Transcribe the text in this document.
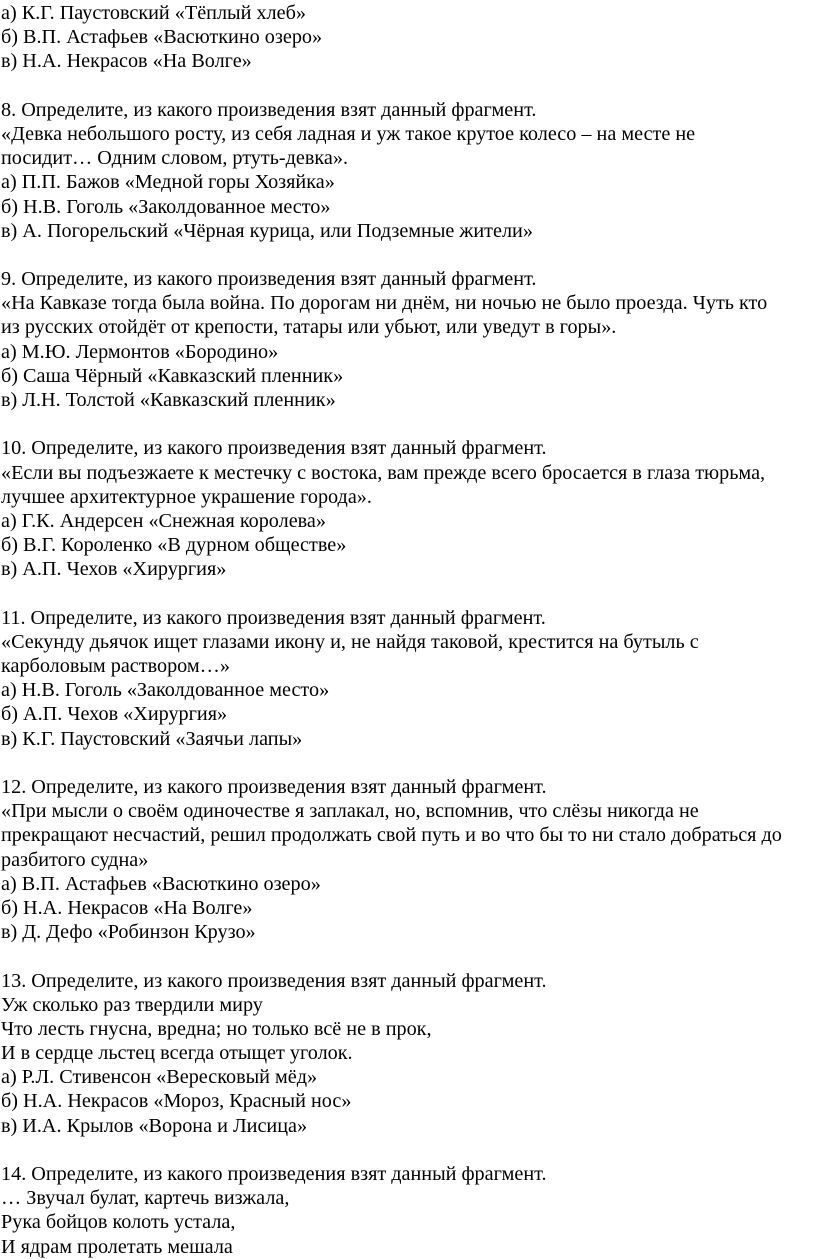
а) К.Г. Паустовский «Тёплый хлеб»
б) В.П. Астафьев «Васюткино озеро»
в) Н.А. Некрасов «На Волге»
8. Определите, из какого произведения взят данный фрагмент.
«Девка небольшого росту, из себя ладная и уж такое крутое колесо – на месте не
посидит… Одним словом, ртуть-девка».
а) П.П. Бажов «Медной горы Хозяйка»
б) Н.В. Гоголь «Заколдованное место»
в) А. Погорельский «Чёрная курица, или Подземные жители»
9. Определите, из какого произведения взят данный фрагмент.
«На Кавказе тогда была война. По дорогам ни днём, ни ночью не было проезда. Чуть кто
из русских отойдёт от крепости, татары или убьют, или уведут в горы».
а) М.Ю. Лермонтов «Бородино»
б) Саша Чёрный «Кавказский пленник»
в) Л.Н. Толстой «Кавказский пленник»
10. Определите, из какого произведения взят данный фрагмент.
«Если вы подъезжаете к местечку с востока, вам прежде всего бросается в глаза тюрьма,
лучшее архитектурное украшение города».
а) Г.К. Андерсен «Снежная королева»
б) В.Г. Короленко «В дурном обществе»
в) А.П. Чехов «Хирургия»
11. Определите, из какого произведения взят данный фрагмент.
«Секунду дьячок ищет глазами икону и, не найдя таковой, крестится на бутыль с
карболовым раствором…»
а) Н.В. Гоголь «Заколдованное место»
б) А.П. Чехов «Хирургия»
в) К.Г. Паустовский «Заячьи лапы»
12. Определите, из какого произведения взят данный фрагмент.
«При мысли о своём одиночестве я заплакал, но, вспомнив, что слёзы никогда не
прекращают несчастий, решил продолжать свой путь и во что бы то ни стало добраться до
разбитого судна»
а) В.П. Астафьев «Васюткино озеро»
б) Н.А. Некрасов «На Волге»
в) Д. Дефо «Робинзон Крузо»
13. Определите, из какого произведения взят данный фрагмент.
Уж сколько раз твердили миру
Что лесть гнусна, вредна; но только всё не в прок,
И в сердце льстец всегда отыщет уголок.
а) Р.Л. Стивенсон «Вересковый мёд»
б) Н.А. Некрасов «Мороз, Красный нос»
в) И.А. Крылов «Ворона и Лисица»
14. Определите, из какого произведения взят данный фрагмент.
… Звучал булат, картечь визжала,
Рука бойцов колоть устала,
И ядрам пролетать мешала
